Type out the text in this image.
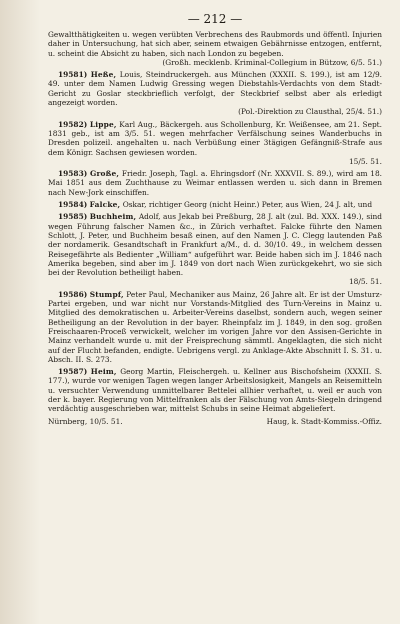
— 212 —

Gewaltthätigkeiten u. wegen verübten Verbrechens des Raubmords und öffentl. Injurien daher in Untersuchung, hat sich aber, seinem etwaigen Gebährnisse entzogen, entfernt, u. scheint die Absicht zu haben, sich nach London zu begeben.
(Großh. mecklenb. Kriminal-Collegium in Bützow, 6/5. 51.)

19581) Heße, Louis, Steindruckergeh. aus München (XXXII. S. 199.), ist am 12/9. 49. unter dem Namen Ludwig Gressing wegen Diebstahls-Verdachts von dem Stadt-Gericht zu Goslar steckbrieflich verfolgt, der Steckbrief selbst aber als erledigt angezeigt worden.
(Pol.-Direktion zu Clausthal, 25/4. 51.)

19582) Lippe, Karl Aug., Bäckergeh. aus Schollenburg, Kr. Weißensee, am 21. Sept. 1831 geb., ist am 3/5. 51. wegen mehrfacher Verfälschung seines Wanderbuchs in Dresden polizeil. angehalten u. nach Verbüßung einer 3tägigen Gefängniß-Strafe aus dem Königr. Sachsen gewiesen worden.
15/5. 51.

19583) Große, Friedr. Joseph, Tagl. a. Ehringsdorf (Nr. XXXVII. S. 89.), wird am 18. Mai 1851 aus dem Zuchthause zu Weimar entlassen werden u. sich dann in Bremen nach New-Jork einschiffen.

19584) Falcke, Oskar, richtiger Georg (nicht Heinr.) Peter, aus Wien, 24 J. alt, und

19585) Buchheim, Adolf, aus Jekab bei Preßburg, 28 J. alt (zul. Bd. XXX. 149.), sind wegen Führung falscher Namen &c., in Zürich verhaftet. Falcke führte den Namen Schlott, J. Peter, und Buchheim besaß einen, auf den Namen J. C. Clegg lautenden Paß der nordamerik. Gesandtschaft in Frankfurt a/M., d. d. 30/10. 49., in welchem dessen Reisegefährte als Bedienter „William“ aufgeführt war. Beide haben sich im J. 1846 nach Amerika begeben, sind aber im J. 1849 von dort nach Wien zurückgekehrt, wo sie sich bei der Revolution betheiligt haben.
18/5. 51.

19586) Stumpf, Peter Paul, Mechaniker aus Mainz, 26 Jahre alt. Er ist der Umsturz-Partei ergeben, und war nicht nur Vorstands-Mitglied des Turn-Vereins in Mainz u. Mitglied des demokratischen u. Arbeiter-Vereins daselbst, sondern auch, wegen seiner Betheiligung an der Revolution in der bayer. Rheinpfalz im J. 1849, in den sog. großen Freischaaren-Proceß verwickelt, welcher im vorigen Jahre vor den Assisen-Gerichte in Mainz verhandelt wurde u. mit der Freisprechung sämmtl. Angeklagten, die sich nicht auf der Flucht befanden, endigte. Uebrigens vergl. zu Anklage-Akte Abschnitt I. S. 31. u. Absch. II. S. 273.

19587) Heim, Georg Martin, Fleischergeh. u. Kellner aus Bischofsheim (XXXII. S. 177.), wurde vor wenigen Tagen wegen langer Arbeitslosigkeit, Mangels an Reisemitteln u. versuchter Verwendung unmittelbarer Bettelei allhier verhaftet, u. weil er auch von der k. bayer. Regierung von Mittelfranken als der Fälschung von Amts-Siegeln dringend verdächtig ausgeschrieben war, mittelst Schubs in seine Heimat abgeliefert.

Nürnberg, 10/5. 51.	Haug, k. Stadt-Kommiss.-Offiz.
